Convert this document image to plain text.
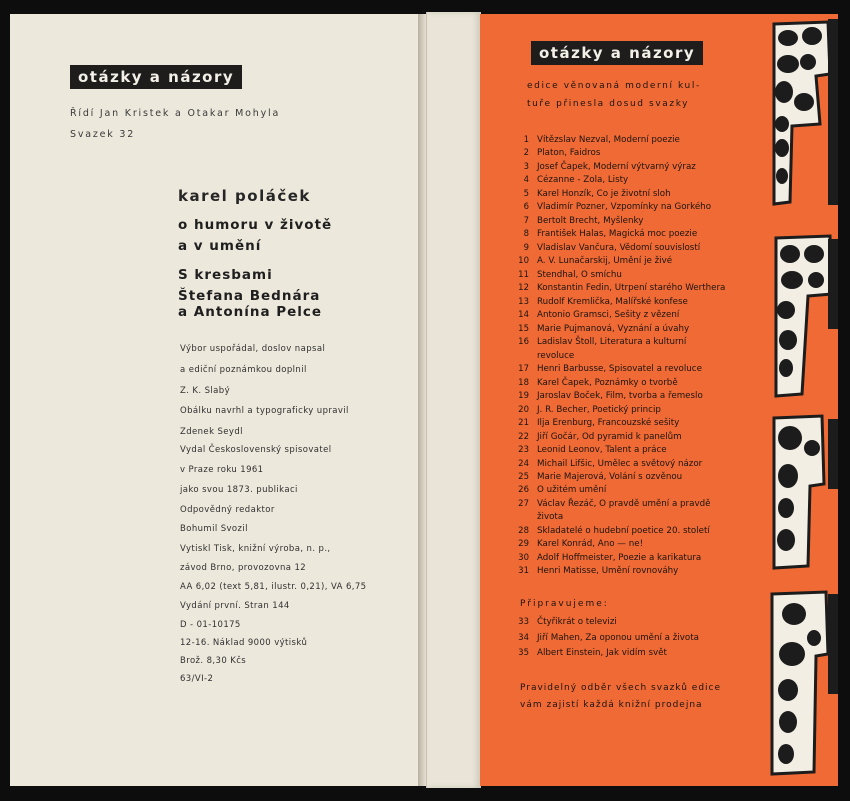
otázky a názory
Řídí Jan Kristek a Otakar Mohyla
Svazek 32
karel poláček
o humoru v životě
a v umění
S kresbami
Štefana Bednára
a Antonína Pelce
Výbor uspořádal, doslov napsal
a ediční poznámkou doplnil
Z. K. Slabý
Obálku navrhl a typograficky upravil
Zdenek Seydl
Vydal Československý spisovatel
v Praze roku 1961
jako svou 1873. publikaci
Odpovědný redaktor
Bohumil Svozil
Vytiskl Tisk, knižní výroba, n. p.,
závod Brno, provozovna 12
AA 6,02 (text 5,81, ilustr. 0,21), VA 6,75
Vydání první. Stran 144
D - 01-10175
12-16. Náklad 9000 výtisků
Brož. 8,30 Kčs
63/VI-2
otázky a názory
edice věnovaná moderní kul-
tuře přinesla dosud svazky
1 Vítězslav Nezval, Moderní poezie
2 Platon, Faidros
3 Josef Čapek, Moderní výtvarný výraz
4 Cézanne - Zola, Listy
5 Karel Honzík, Co je životní sloh
6 Vladimír Pozner, Vzpomínky na Gorkého
7 Bertolt Brecht, Myšlenky
8 František Halas, Magická moc poezie
9 Vladislav Vančura, Vědomí souvislostí
10 A. V. Lunačarskij, Umění je živé
11 Stendhal, O smíchu
12 Konstantin Fedin, Utrpení starého Werthera
13 Rudolf Kremlička, Malířské konfese
14 Antonio Gramsci, Sešity z vězení
15 Marie Pujmanová, Vyznání a úvahy
16 Ladislav Štoll, Literatura a kulturní
revoluce
17 Henri Barbusse, Spisovatel a revoluce
18 Karel Čapek, Poznámky o tvorbě
19 Jaroslav Boček, Film, tvorba a řemeslo
20 J. R. Becher, Poetický princip
21 Ilja Erenburg, Francouzské sešity
22 Jiří Gočár, Od pyramid k panelům
23 Leonid Leonov, Talent a práce
24 Michail Lifšic, Umělec a světový názor
25 Marie Majerová, Volání s ozvěnou
26 O užitém umění
27 Václav Řezáč, O pravdě umění a pravdě
života
28 Skladatelé o hudební poetice 20. století
29 Karel Konrád, Ano — ne!
30 Adolf Hoffmeister, Poezie a karikatura
31 Henri Matisse, Umění rovnováhy
Připravujeme:
33 Čtyřikrát o televizi
34 Jiří Mahen, Za oponou umění a života
35 Albert Einstein, Jak vidím svět
Pravidelný odběr všech svazků edice
vám zajistí každá knižní prodejna
